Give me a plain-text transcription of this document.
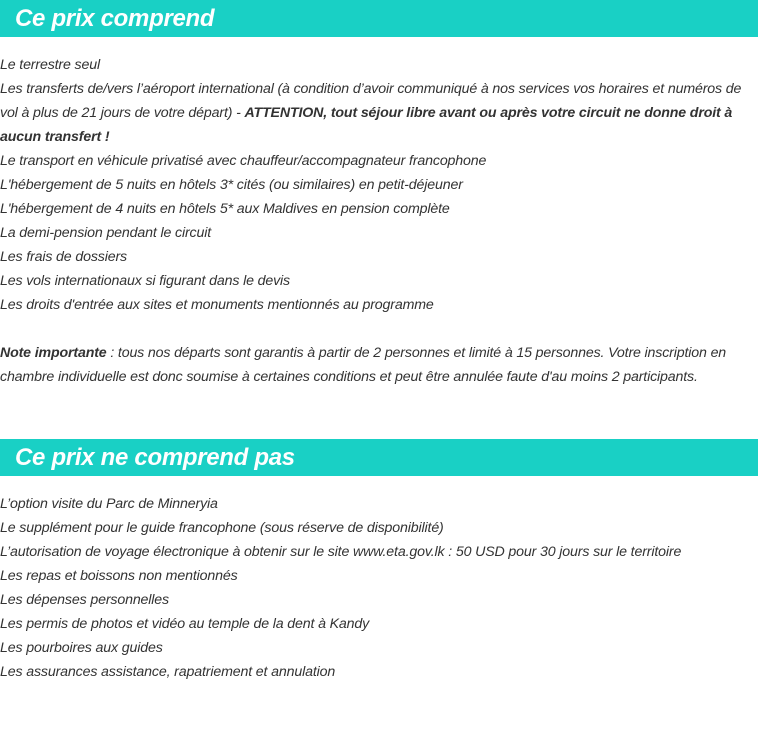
Ce prix comprend
Le terrestre seul
Les transferts de/vers l’aéroport international (à condition d’avoir communiqué à nos services vos horaires et numéros de vol à plus de 21 jours de votre départ) - ATTENTION, tout séjour libre avant ou après votre circuit ne donne droit à aucun transfert !
Le transport en véhicule privatisé avec chauffeur/accompagnateur francophone
L'hébergement de 5 nuits en hôtels 3* cités (ou similaires) en petit-déjeuner
L'hébergement de 4 nuits en hôtels 5* aux Maldives en pension complète
La demi-pension pendant le circuit
Les frais de dossiers
Les vols internationaux si figurant dans le devis
Les droits d'entrée aux sites et monuments mentionnés au programme

Note importante : tous nos départs sont garantis à partir de 2 personnes et limité à 15 personnes. Votre inscription en chambre individuelle est donc soumise à certaines conditions et peut être annulée faute d'au moins 2 participants.

Ce prix ne comprend pas
L’option visite du Parc de Minneryia
Le supplément pour le guide francophone (sous réserve de disponibilité)
L’autorisation de voyage électronique à obtenir sur le site www.eta.gov.lk : 50 USD pour 30 jours sur le territoire
Les repas et boissons non mentionnés
Les dépenses personnelles
Les permis de photos et vidéo au temple de la dent à Kandy
Les pourboires aux guides
Les assurances assistance, rapatriement et annulation
